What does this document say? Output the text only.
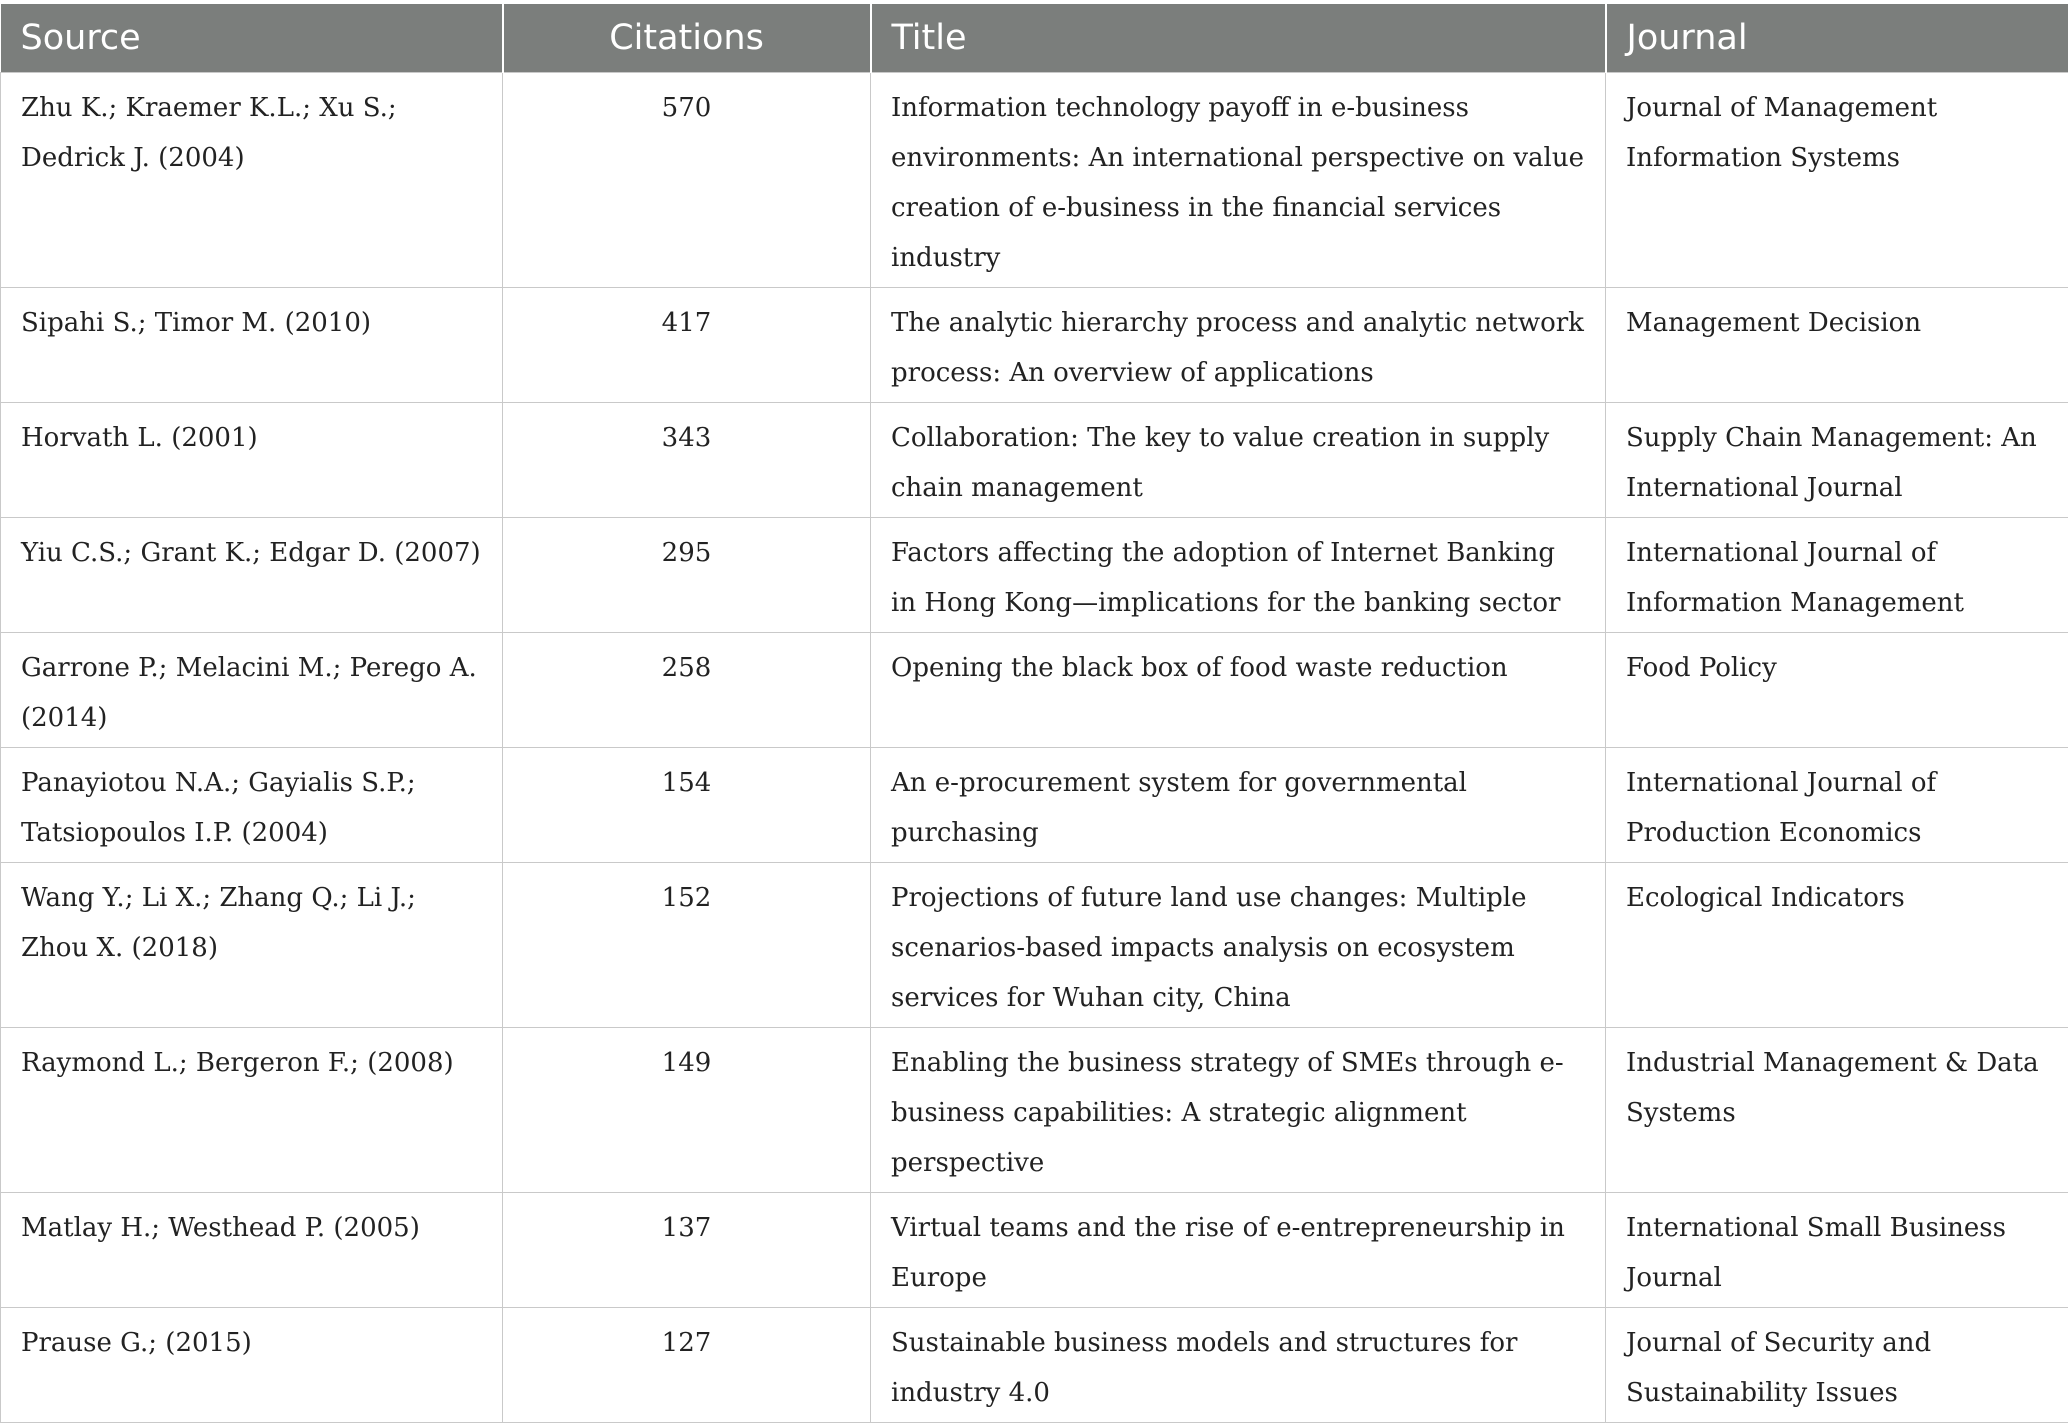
Source	Citations	Title	Journal
Zhu K.; Kraemer K.L.; Xu S.; Dedrick J. (2004)	570	Information technology payoff in e-business environments: An international perspective on value creation of e-business in the financial services industry	Journal of Management Information Systems
Sipahi S.; Timor M. (2010)	417	The analytic hierarchy process and analytic network process: An overview of applications	Management Decision
Horvath L. (2001)	343	Collaboration: The key to value creation in supply chain management	Supply Chain Management: An International Journal
Yiu C.S.; Grant K.; Edgar D. (2007)	295	Factors affecting the adoption of Internet Banking in Hong Kong—implications for the banking sector	International Journal of Information Management
Garrone P.; Melacini M.; Perego A. (2014)	258	Opening the black box of food waste reduction	Food Policy
Panayiotou N.A.; Gayialis S.P.; Tatsiopoulos I.P. (2004)	154	An e-procurement system for governmental purchasing	International Journal of Production Economics
Wang Y.; Li X.; Zhang Q.; Li J.; Zhou X. (2018)	152	Projections of future land use changes: Multiple scenarios-based impacts analysis on ecosystem services for Wuhan city, China	Ecological Indicators
Raymond L.; Bergeron F.; (2008)	149	Enabling the business strategy of SMEs through e-business capabilities: A strategic alignment perspective	Industrial Management & Data Systems
Matlay H.; Westhead P. (2005)	137	Virtual teams and the rise of e-entrepreneurship in Europe	International Small Business Journal
Prause G.; (2015)	127	Sustainable business models and structures for industry 4.0	Journal of Security and Sustainability Issues
